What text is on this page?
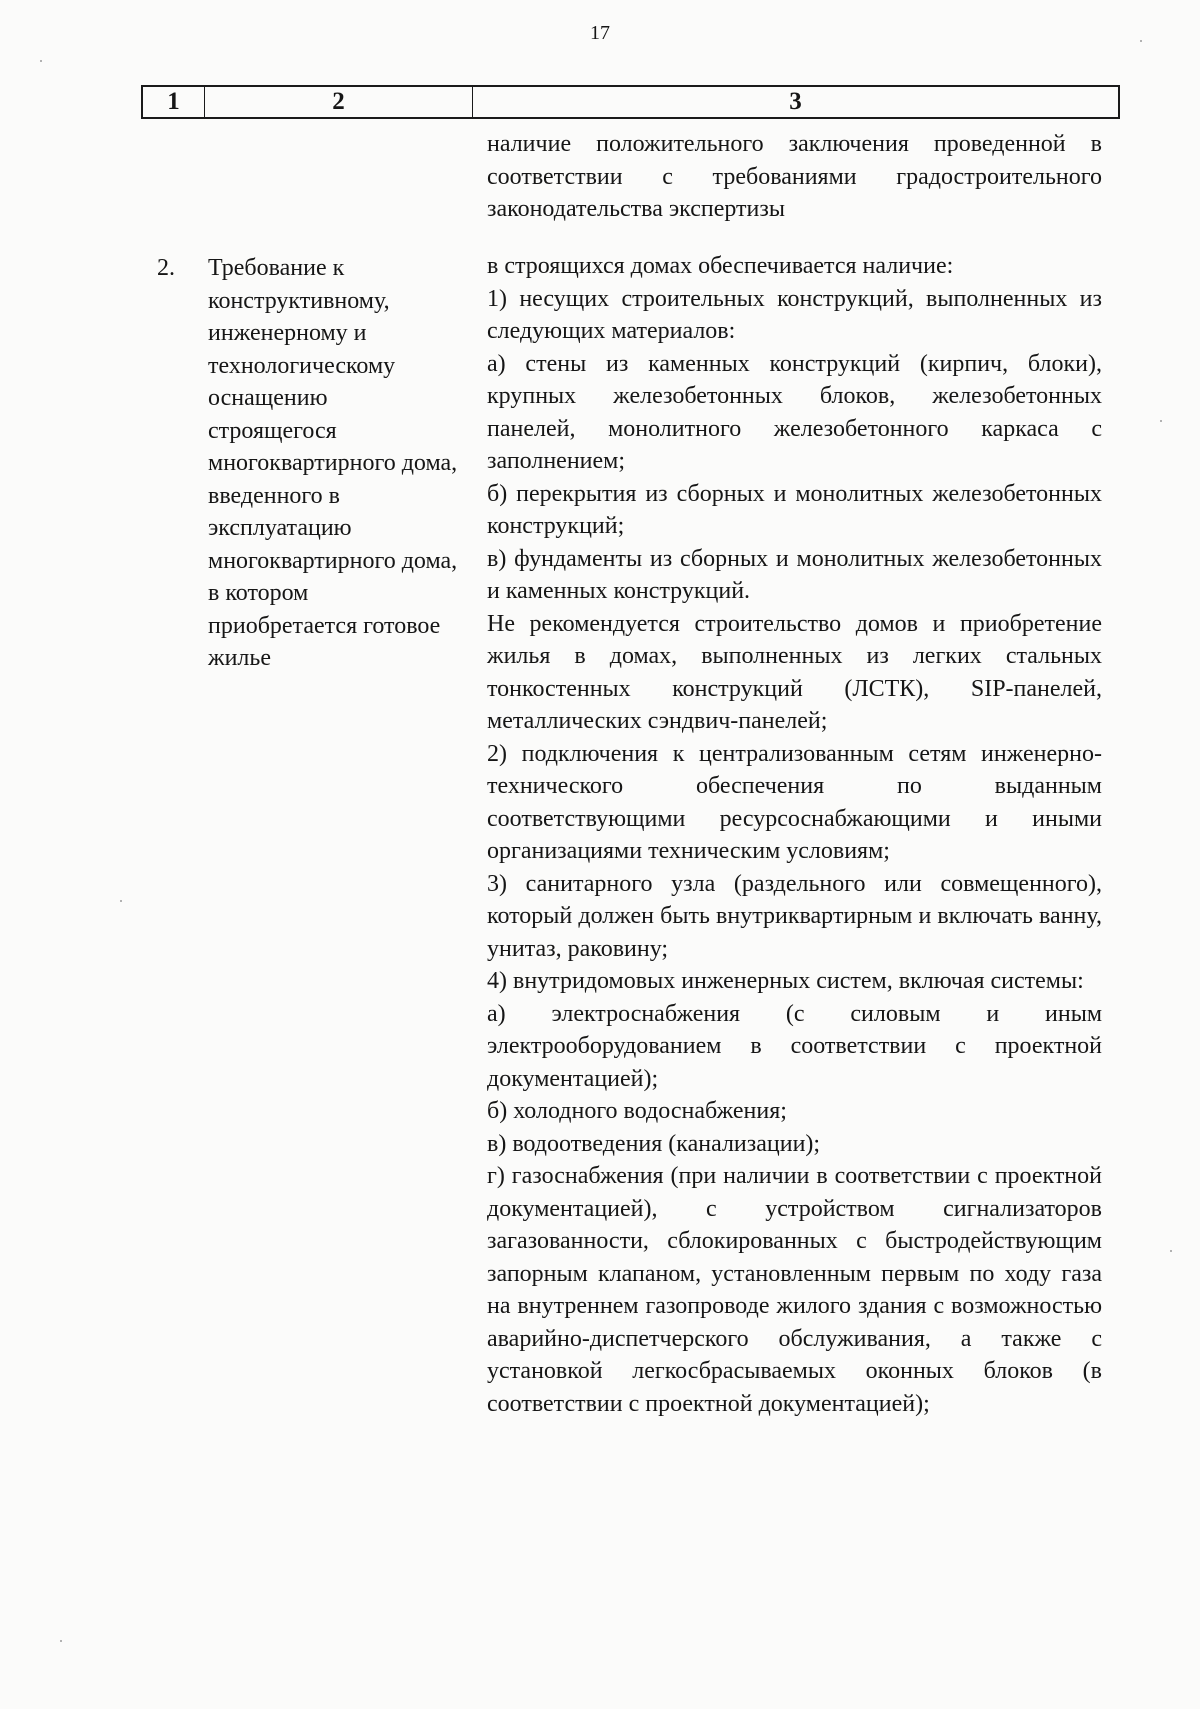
17
1	2	3

наличие положительного заключения проведенной в соответствии с требованиями градостроительного законодательства экспертизы

2. Требование к конструктивному, инженерному и технологическому оснащению строящегося многоквартирного дома, введенного в эксплуатацию многоквартирного дома, в котором приобретается готовое жилье

в строящихся домах обеспечивается наличие:

1) несущих строительных конструкций, выполненных из следующих материалов:

а) стены из каменных конструкций (кирпич, блоки), крупных железобетонных блоков, железобетонных панелей, монолитного железобетонного каркаса с заполнением;

б) перекрытия из сборных и монолитных железобетонных конструкций;

в) фундаменты из сборных и монолитных железобетонных и каменных конструкций.

Не рекомендуется строительство домов и приобретение жилья в домах, выполненных из легких стальных тонкостенных конструкций (ЛСТК), SIP-панелей, металлических сэндвич-панелей;

2) подключения к централизованным сетям инженерно-технического обеспечения по выданным соответствующими ресурсоснабжающими и иными организациями техническим условиям;

3) санитарного узла (раздельного или совмещенного), который должен быть внутриквартирным и включать ванну, унитаз, раковину;

4) внутридомовых инженерных систем, включая системы:

а) электроснабжения (с силовым и иным электрооборудованием в соответствии с проектной документацией);

б) холодного водоснабжения;

в) водоотведения (канализации);

г) газоснабжения (при наличии в соответствии с проектной документацией), с устройством сигнализаторов загазованности, сблокированных с быстродействующим запорным клапаном, установленным первым по ходу газа на внутреннем газопроводе жилого здания с возможностью аварийно-диспетчерского обслуживания, а также с установкой легкосбрасываемых оконных блоков (в соответствии с проектной документацией);
